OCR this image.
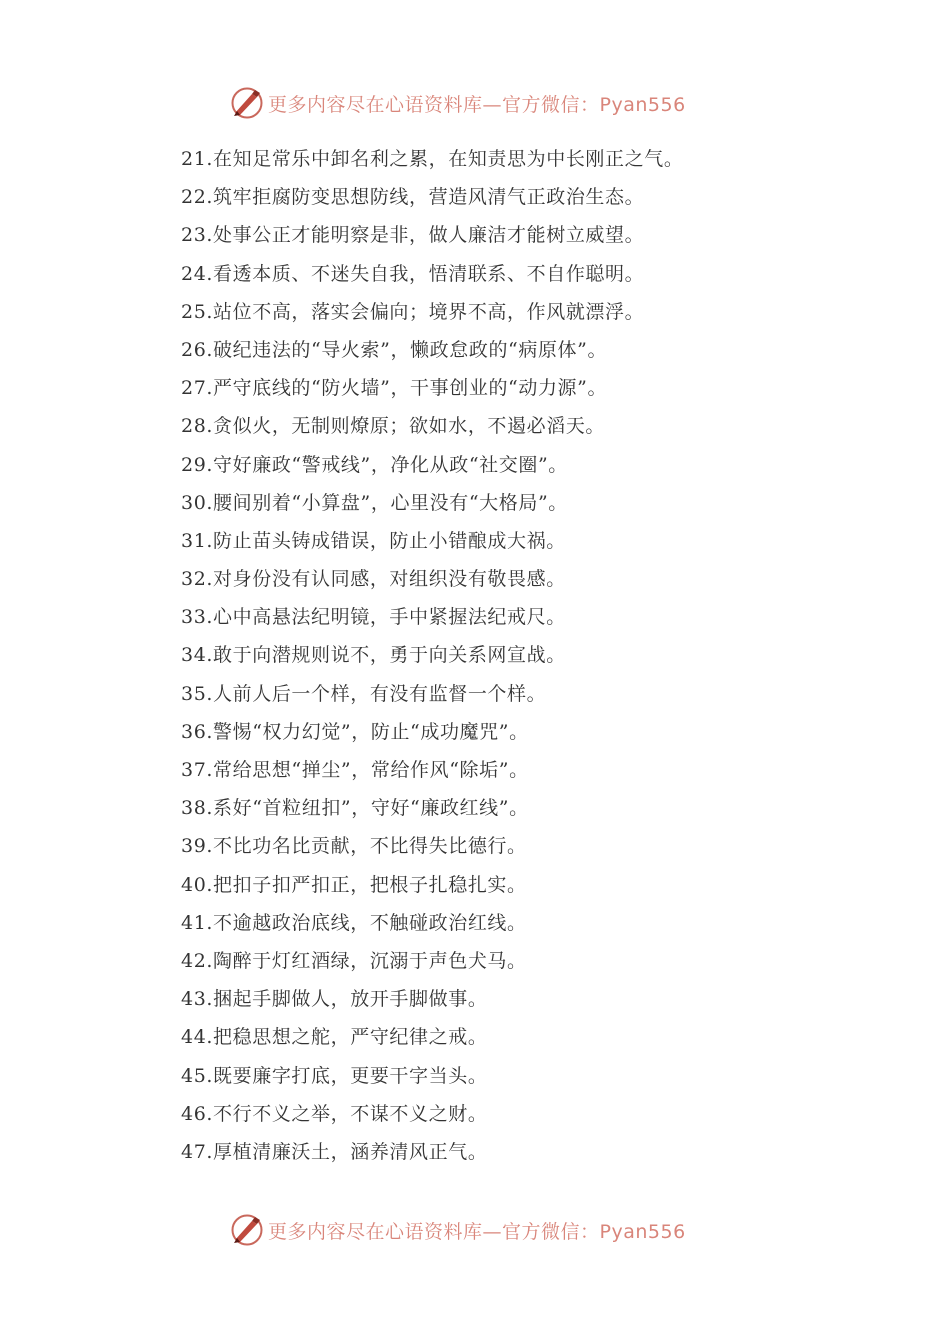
更多内容尽在心语资料库—官方微信：Pyan556
21.在知足常乐中卸名利之累，在知责思为中长刚正之气。
22.筑牢拒腐防变思想防线，营造风清气正政治生态。
23.处事公正才能明察是非，做人廉洁才能树立威望。
24.看透本质、不迷失自我，悟清联系、不自作聪明。
25.站位不高，落实会偏向；境界不高，作风就漂浮。
26.破纪违法的“导火索”，懒政怠政的“病原体”。
27.严守底线的“防火墙”，干事创业的“动力源”。
28.贪似火，无制则燎原；欲如水，不遏必滔天。
29.守好廉政“警戒线”，净化从政“社交圈”。
30.腰间别着“小算盘”，心里没有“大格局”。
31.防止苗头铸成错误，防止小错酿成大祸。
32.对身份没有认同感，对组织没有敬畏感。
33.心中高悬法纪明镜，手中紧握法纪戒尺。
34.敢于向潜规则说不，勇于向关系网宣战。
35.人前人后一个样，有没有监督一个样。
36.警惕“权力幻觉”，防止“成功魔咒”。
37.常给思想“掸尘”，常给作风“除垢”。
38.系好“首粒纽扣”，守好“廉政红线”。
39.不比功名比贡献，不比得失比德行。
40.把扣子扣严扣正，把根子扎稳扎实。
41.不逾越政治底线，不触碰政治红线。
42.陶醉于灯红酒绿，沉溺于声色犬马。
43.捆起手脚做人，放开手脚做事。
44.把稳思想之舵，严守纪律之戒。
45.既要廉字打底，更要干字当头。
46.不行不义之举，不谋不义之财。
47.厚植清廉沃土，涵养清风正气。
更多内容尽在心语资料库—官方微信：Pyan556
